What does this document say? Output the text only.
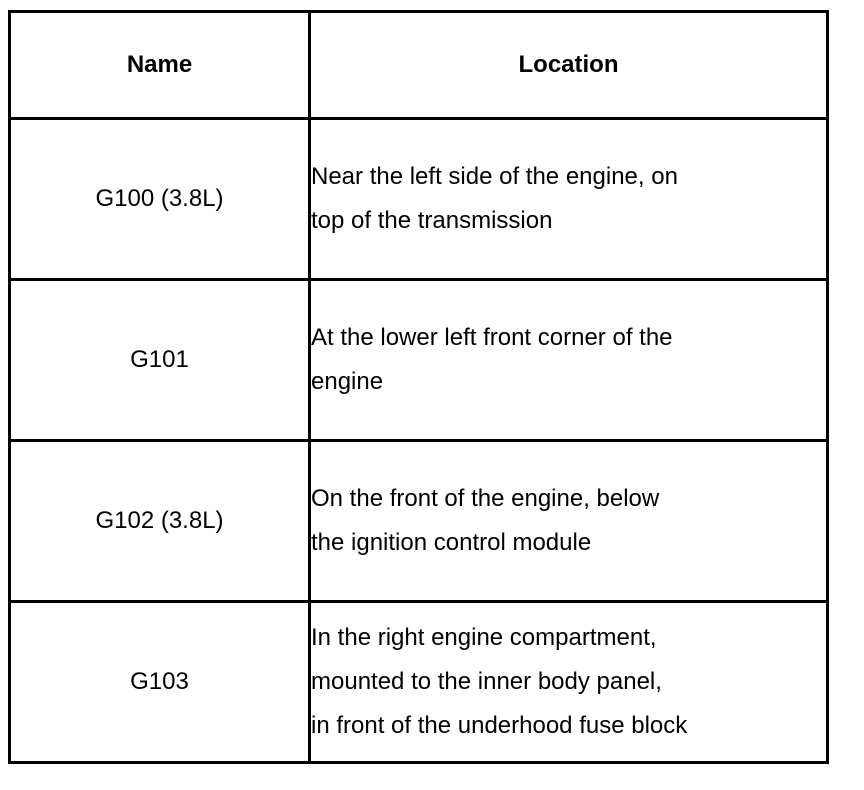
Name	Location
G100 (3.8L)	Near the left side of the engine, on
top of the transmission

G101	At the lower left front corner of the
engine

G102 (3.8L)	On the front of the engine, below
the ignition control module

G103	In the right engine compartment,
mounted to the inner body panel,
in front of the underhood fuse block
